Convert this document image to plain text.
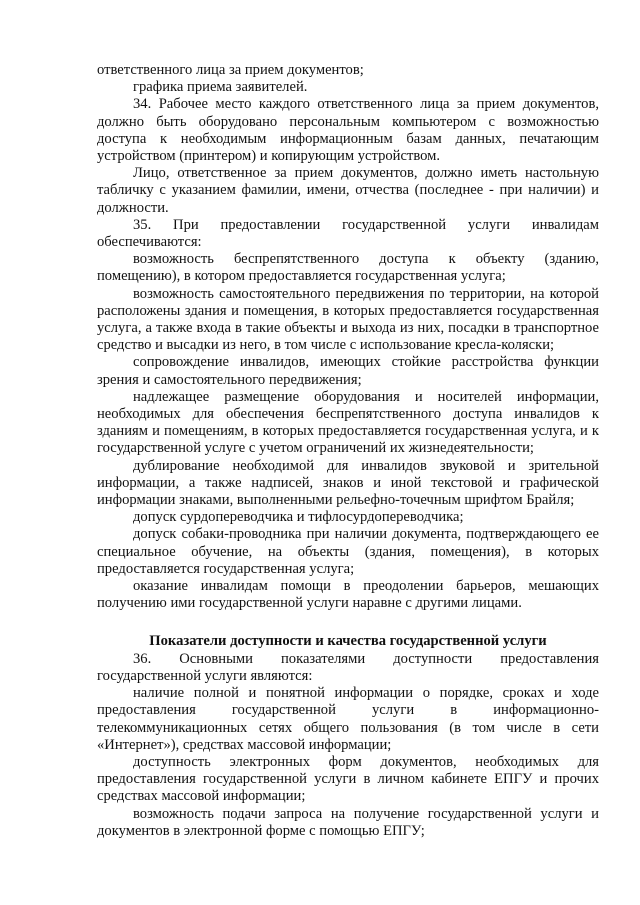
ответственного лица за прием документов;

графика приема заявителей.

34. Рабочее место каждого ответственного лица за прием документов, должно быть оборудовано персональным компьютером с возможностью доступа к необходимым информационным базам данных, печатающим устройством (принтером) и копирующим устройством.

Лицо, ответственное за прием документов, должно иметь настольную табличку с указанием фамилии, имени, отчества (последнее - при наличии) и должности.

35. При предоставлении государственной услуги инвалидам обеспечиваются:

возможность беспрепятственного доступа к объекту (зданию, помещению), в котором предоставляется государственная услуга;

возможность самостоятельного передвижения по территории, на которой расположены здания и помещения, в которых предоставляется государственная услуга, а также входа в такие объекты и выхода из них, посадки в транспортное средство и высадки из него, в том числе с использование кресла-коляски;

сопровождение инвалидов, имеющих стойкие расстройства функции зрения и самостоятельного передвижения;

надлежащее размещение оборудования и носителей информации, необходимых для обеспечения беспрепятственного доступа инвалидов к зданиям и помещениям, в которых предоставляется государственная услуга, и к государственной услуге с учетом ограничений их жизнедеятельности;

дублирование необходимой для инвалидов звуковой и зрительной информации, а также надписей, знаков и иной текстовой и графической информации знаками, выполненными рельефно-точечным шрифтом Брайля;

допуск сурдопереводчика и тифлосурдопереводчика;

допуск собаки-проводника при наличии документа, подтверждающего ее специальное обучение, на объекты (здания, помещения), в которых предоставляется государственная услуга;

оказание инвалидам помощи в преодолении барьеров, мешающих получению ими государственной услуги наравне с другими лицами.

Показатели доступности и качества государственной услуги

36. Основными показателями доступности предоставления государственной услуги являются:

наличие полной и понятной информации о порядке, сроках и ходе предоставления государственной услуги в информационно-телекоммуникационных сетях общего пользования (в том числе в сети «Интернет»), средствах массовой информации;

доступность электронных форм документов, необходимых для предоставления государственной услуги в личном кабинете ЕПГУ и прочих средствах массовой информации;

возможность подачи запроса на получение государственной услуги и документов в электронной форме с помощью ЕПГУ;
